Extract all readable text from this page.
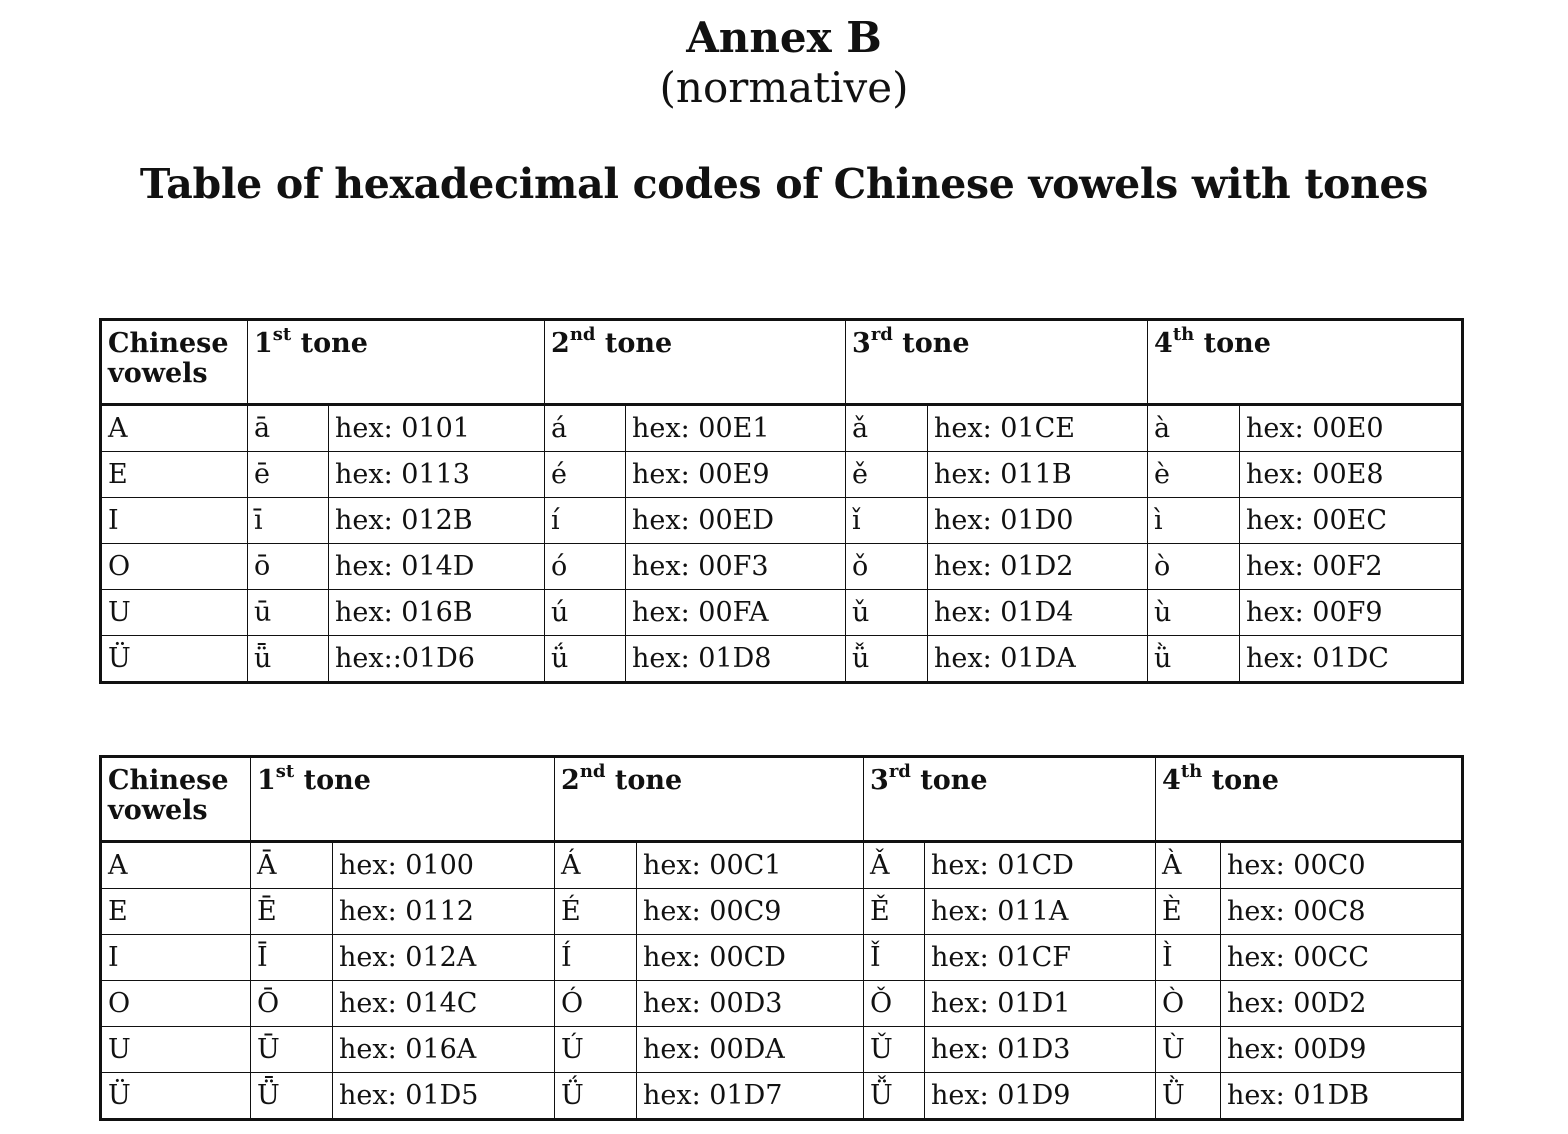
Annex B
(normative)
Table of hexadecimal codes of Chinese vowels with tones
Chinese vowels	1st tone		2nd tone		3rd tone		4th tone	
A	ā	hex: 0101	á	hex: 00E1	ǎ	hex: 01CE	à	hex: 00E0
E	ē	hex: 0113	é	hex: 00E9	ě	hex: 011B	è	hex: 00E8
I	ī	hex: 012B	í	hex: 00ED	ǐ	hex: 01D0	ì	hex: 00EC
O	ō	hex: 014D	ó	hex: 00F3	ǒ	hex: 01D2	ò	hex: 00F2
U	ū	hex: 016B	ú	hex: 00FA	ǔ	hex: 01D4	ù	hex: 00F9
Ü	ǖ	hex::01D6	ǘ	hex: 01D8	ǚ	hex: 01DA	ǜ	hex: 01DC
Chinese vowels	1st tone		2nd tone		3rd tone		4th tone	
A	Ā	hex: 0100	Á	hex: 00C1	Ǎ	hex: 01CD	À	hex: 00C0
E	Ē	hex: 0112	É	hex: 00C9	Ě	hex: 011A	È	hex: 00C8
I	Ī	hex: 012A	Í	hex: 00CD	Ǐ	hex: 01CF	Ì	hex: 00CC
O	Ō	hex: 014C	Ó	hex: 00D3	Ǒ	hex: 01D1	Ò	hex: 00D2
U	Ū	hex: 016A	Ú	hex: 00DA	Ǔ	hex: 01D3	Ù	hex: 00D9
Ü	Ǖ	hex: 01D5	Ǘ	hex: 01D7	Ǚ	hex: 01D9	Ǜ	hex: 01DB
